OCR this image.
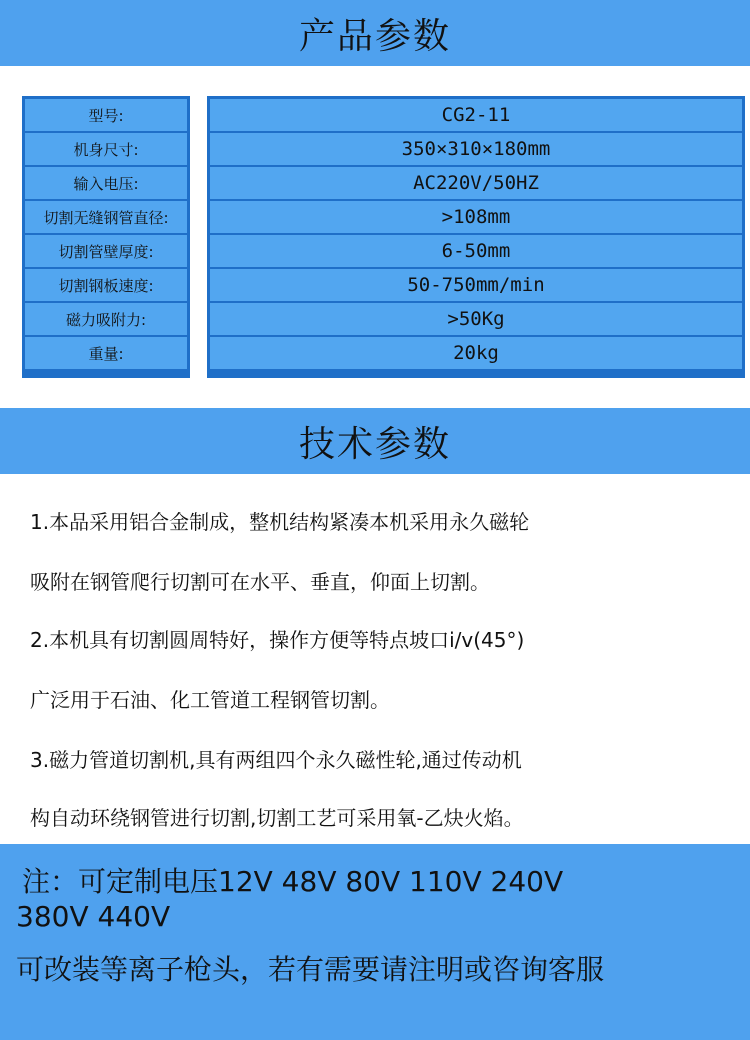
产品参数
型号:
机身尺寸:
输入电压:
切割无缝钢管直径:
切割管壁厚度:
切割钢板速度:
磁力吸附力:
重量:
CG2-11
350×310×180mm
AC220V/50HZ
>108mm
6-50mm
50-750mm/min
>50Kg
20kg
技术参数
1.本品采用铝合金制成，整机结构紧凑本机采用永久磁轮
吸附在钢管爬行切割可在水平、垂直，仰面上切割。
2.本机具有切割圆周特好，操作方便等特点坡口i/v(45°)
广泛用于石油、化工管道工程钢管切割。
3.磁力管道切割机,具有两组四个永久磁性轮,通过传动机
构自动环绕钢管进行切割,切割工艺可采用氧-乙炔火焰。
注：可定制电压12V 48V 80V 110V 240V
380V 440V
可改装等离子枪头，若有需要请注明或咨询客服
